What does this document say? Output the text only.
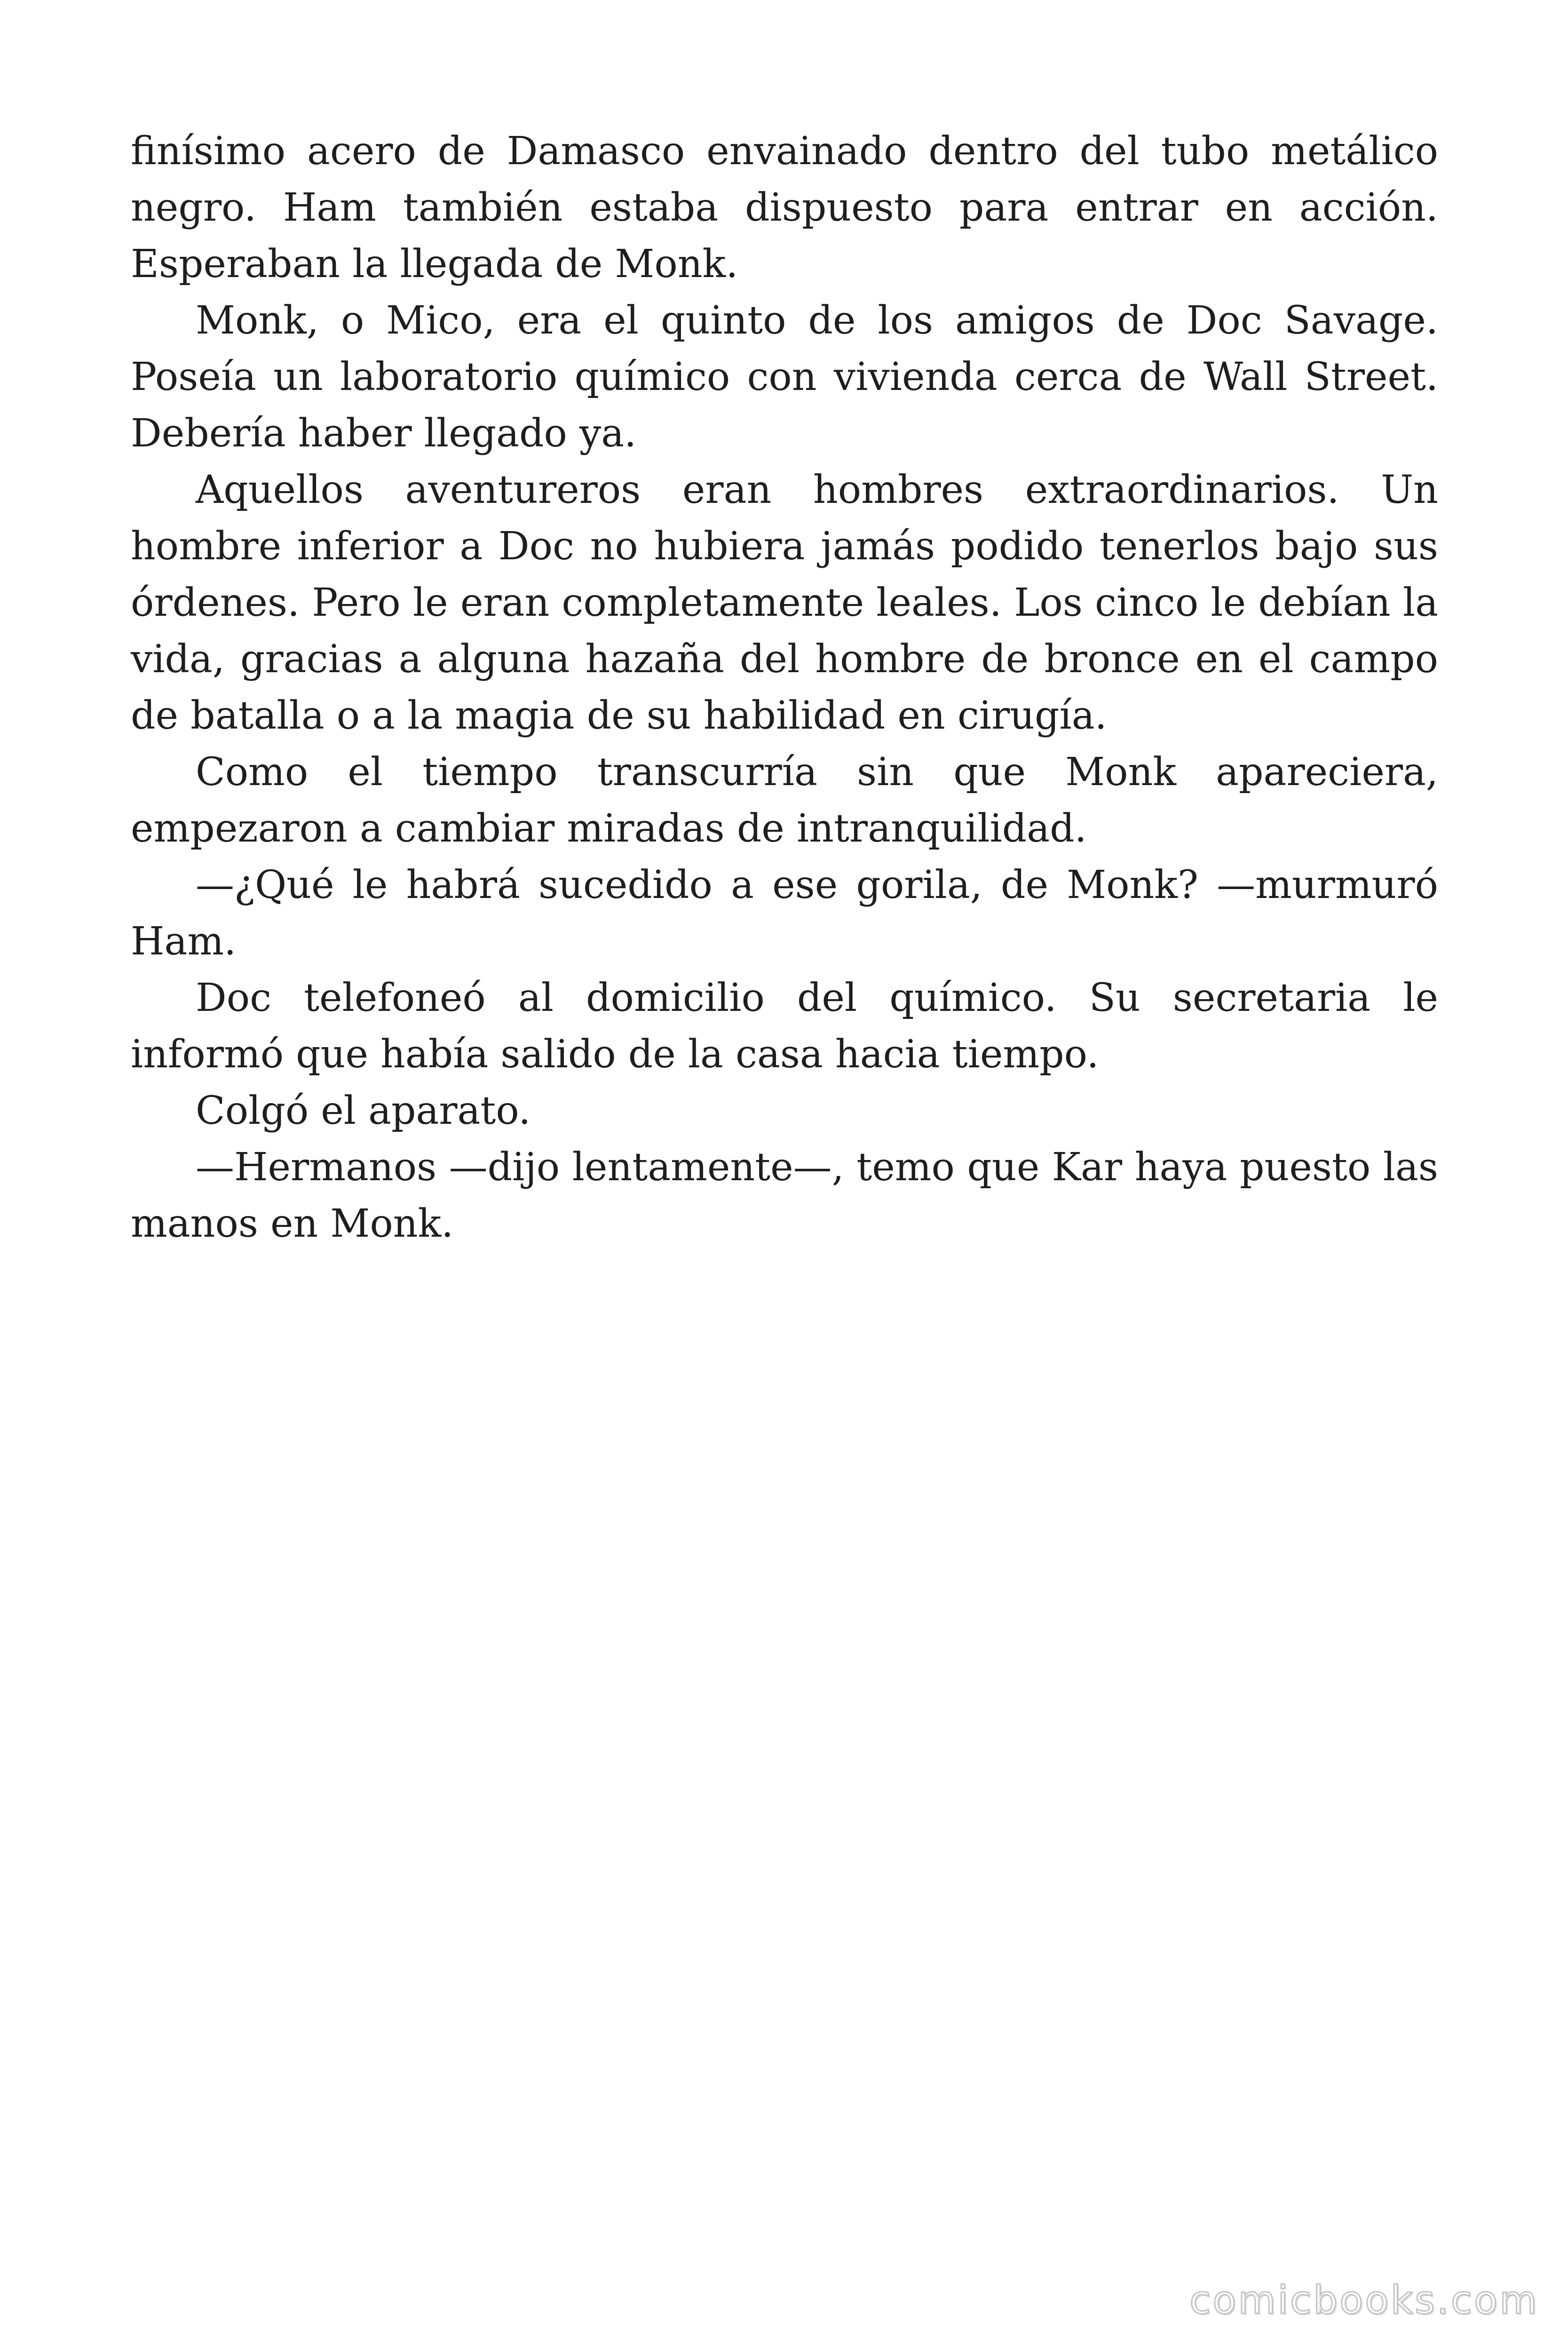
finísimo acero de Damasco envainado dentro del tubo metálico negro. Ham también estaba dispuesto para entrar en acción. Esperaban la llegada de Monk.

Monk, o Mico, era el quinto de los amigos de Doc Savage. Poseía un laboratorio químico con vivienda cerca de Wall Street. Debería haber llegado ya.

Aquellos aventureros eran hombres extraordinarios. Un hombre inferior a Doc no hubiera jamás podido tenerlos bajo sus órdenes. Pero le eran completamente leales. Los cinco le debían la vida, gracias a alguna hazaña del hombre de bronce en el campo de batalla o a la magia de su habilidad en cirugía.

Como el tiempo transcurría sin que Monk apareciera, empezaron a cambiar miradas de intranquilidad.

—¿Qué le habrá sucedido a ese gorila, de Monk? —murmuró Ham.

Doc telefoneó al domicilio del químico. Su secretaria le informó que había salido de la casa hacia tiempo.

Colgó el aparato.

—Hermanos —dijo lentamente—, temo que Kar haya puesto las manos en Monk.

comicbooks.com
